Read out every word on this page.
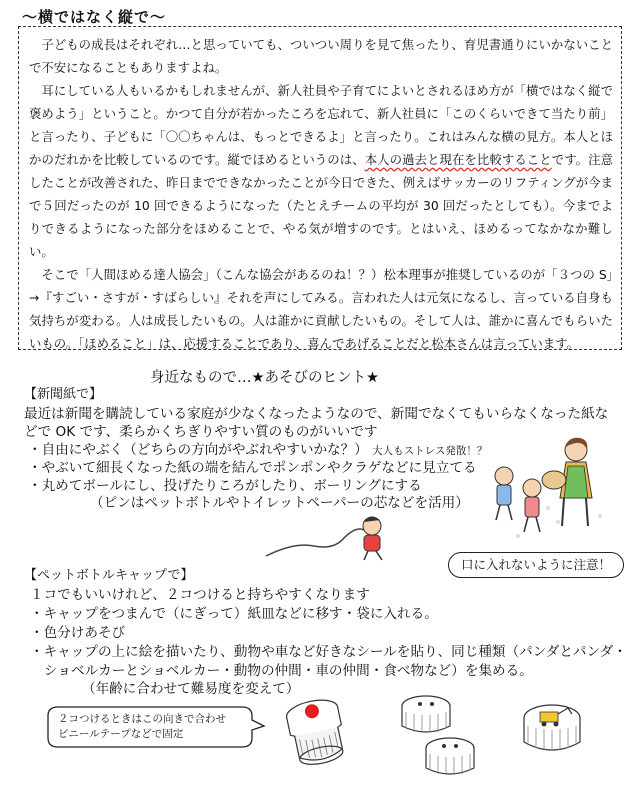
〜横ではなく縦で〜

子どもの成長はそれぞれ…と思っていても、ついつい周りを見て焦ったり、育児書通りにいかないことで不安になることもありますよね。

耳にしている人もいるかもしれませんが、新人社員や子育てによいとされるほめ方が「横ではなく縦で褒めよう」ということ。かつて自分が若かったころを忘れて、新人社員に「このくらいできて当たり前」と言ったり、子どもに「〇〇ちゃんは、もっとできるよ」と言ったり。これはみんな横の見方。本人とほかのだれかを比較しているのです。縦でほめるというのは、本人の過去と現在を比較することです。注意したことが改善された、昨日までできなかったことが今日できた、例えばサッカーのリフティングが今まで５回だったのが 10 回できるようになった（たとえチームの平均が 30 回だったとしても）。今までよりできるようになった部分をほめることで、やる気が増すのです。とはいえ、ほめるってなかなか難しい。

そこで「人間ほめる達人協会」（こんな協会があるのね！？）松本理事が推奨しているのが「３つの S」→『すごい・さすが・すばらしい』それを声にしてみる。言われた人は元気になるし、言っている自身も気持ちが変わる。人は成長したいもの。人は誰かに貢献したいもの。そして人は、誰かに喜んでもらいたいもの。「ほめること」は、応援することであり、喜んであげることだと松本さんは言っています。

身近なもので…★あそびのヒント★
【新聞紙で】
最近は新聞を購読している家庭が少なくなったようなので、新聞でなくてもいらなくなった紙な
どで OK です、柔らかくちぎりやすい質のものがいいです
・自由にやぶく（どちらの方向がやぶれやすいかな？） 大人もストレス発散！？
・やぶいて細長くなった紙の端を結んでポンポンやクラゲなどに見立てる
・丸めてボールにし、投げたりころがしたり、ボーリングにする
（ピンはペットボトルやトイレットペーパーの芯などを活用）
口に入れないように注意！
【ペットボトルキャップで】
１コでもいいけれど、２コつけると持ちやすくなります
・キャップをつまんで（にぎって）紙皿などに移す・袋に入れる。
・色分けあそび
・キャップの上に絵を描いたり、動物や車など好きなシールを貼り、同じ種類（パンダとパンダ・
ショベルカーとショベルカー・動物の仲間・車の仲間・食べ物など）を集める。
（年齢に合わせて難易度を変えて）
２コつけるときはこの向きで合わせ
ビニールテープなどで固定
